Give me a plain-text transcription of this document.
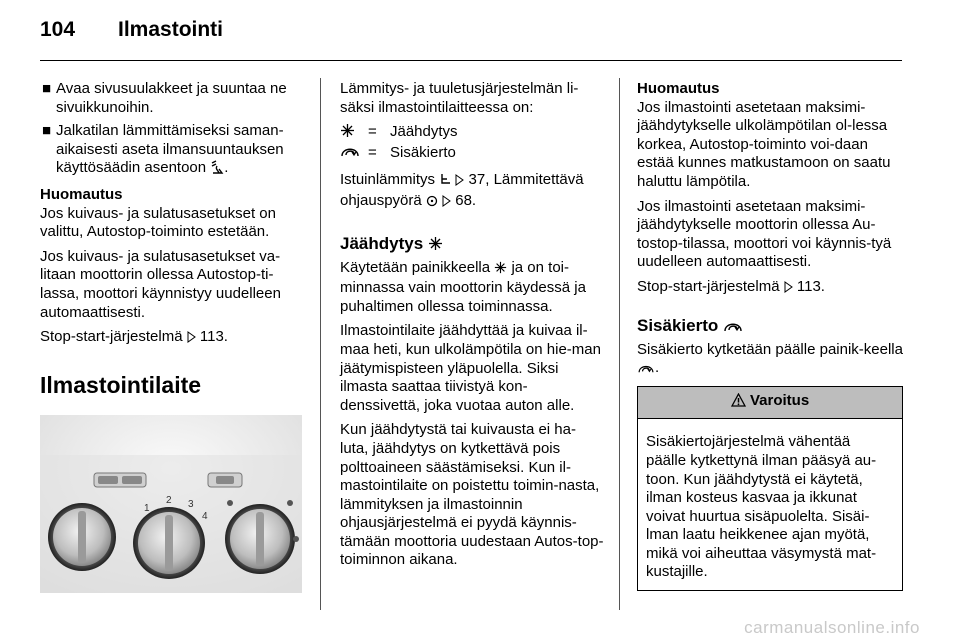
104 Ilmastointi
■ Avaa sivusuulakkeet ja suuntaa ne sivuikkunoihin.
■ Jalkatilan lämmittämiseksi saman-aikaisesti aseta ilmansuuntauksen käyttösäädin asentoon .
Huomautus

Jos kuivaus- ja sulatusasetukset on valittu, Autostop-toiminto estetään.

Jos kuivaus- ja sulatusasetukset va-litaan moottorin ollessa Autostop-ti-lassa, moottori käynnistyy uudelleen automaattisesti.

Stop-start-järjestelmä 113.

Ilmastointilaite
1
2 3
4

Lämmitys- ja tuuletusjärjestelmän li-säksi ilmastointilaitteessa on:

= Jäähdytys
= Sisäkierto

Istuinlämmitys 37, Lämmitettävä ohjauspyörä 68.

Jäähdytys

Käytetään painikkeella ja on toi-minnassa vain moottorin käydessä ja puhaltimen ollessa toiminnassa.

Ilmastointilaite jäähdyttää ja kuivaa il-maa heti, kun ulkolämpötila on hie-man jäätymispisteen yläpuolella. Siksi ilmasta saattaa tiivistyä kon-denssivettä, joka vuotaa auton alle.

Kun jäähdytystä tai kuivausta ei ha-luta, jäähdytys on kytkettävä pois polttoaineen säästämiseksi. Kun il-mastointilaite on poistettu toimin-nasta, lämmityksen ja ilmastoinnin ohjausjärjestelmä ei pyydä käynnis-tämään moottoria uudestaan Autos-top-toiminnon aikana.

Huomautus

Jos ilmastointi asetetaan maksimi-jäähdytykselle ulkolämpötilan ol-lessa korkea, Autostop-toiminto voi-daan estää kunnes matkustamoon on saatu haluttu lämpötila.

Jos ilmastointi asetetaan maksimi-jäähdytykselle moottorin ollessa Au-tostop-tilassa, moottori voi käynnis-tyä uudelleen automaattisesti.

Stop-start-järjestelmä 113.

Sisäkierto

Sisäkierto kytketään päälle painik-keella .

Varoitus
Sisäkiertojärjestelmä vähentää päälle kytkettynä ilman pääsyä au-toon. Kun jäähdytystä ei käytetä, ilman kosteus kasvaa ja ikkunat voivat huurtua sisäpuolelta. Sisäi-lman laatu heikkenee ajan myötä, mikä voi aiheuttaa väsymystä mat-kustajille.
carmanualsonline.info
